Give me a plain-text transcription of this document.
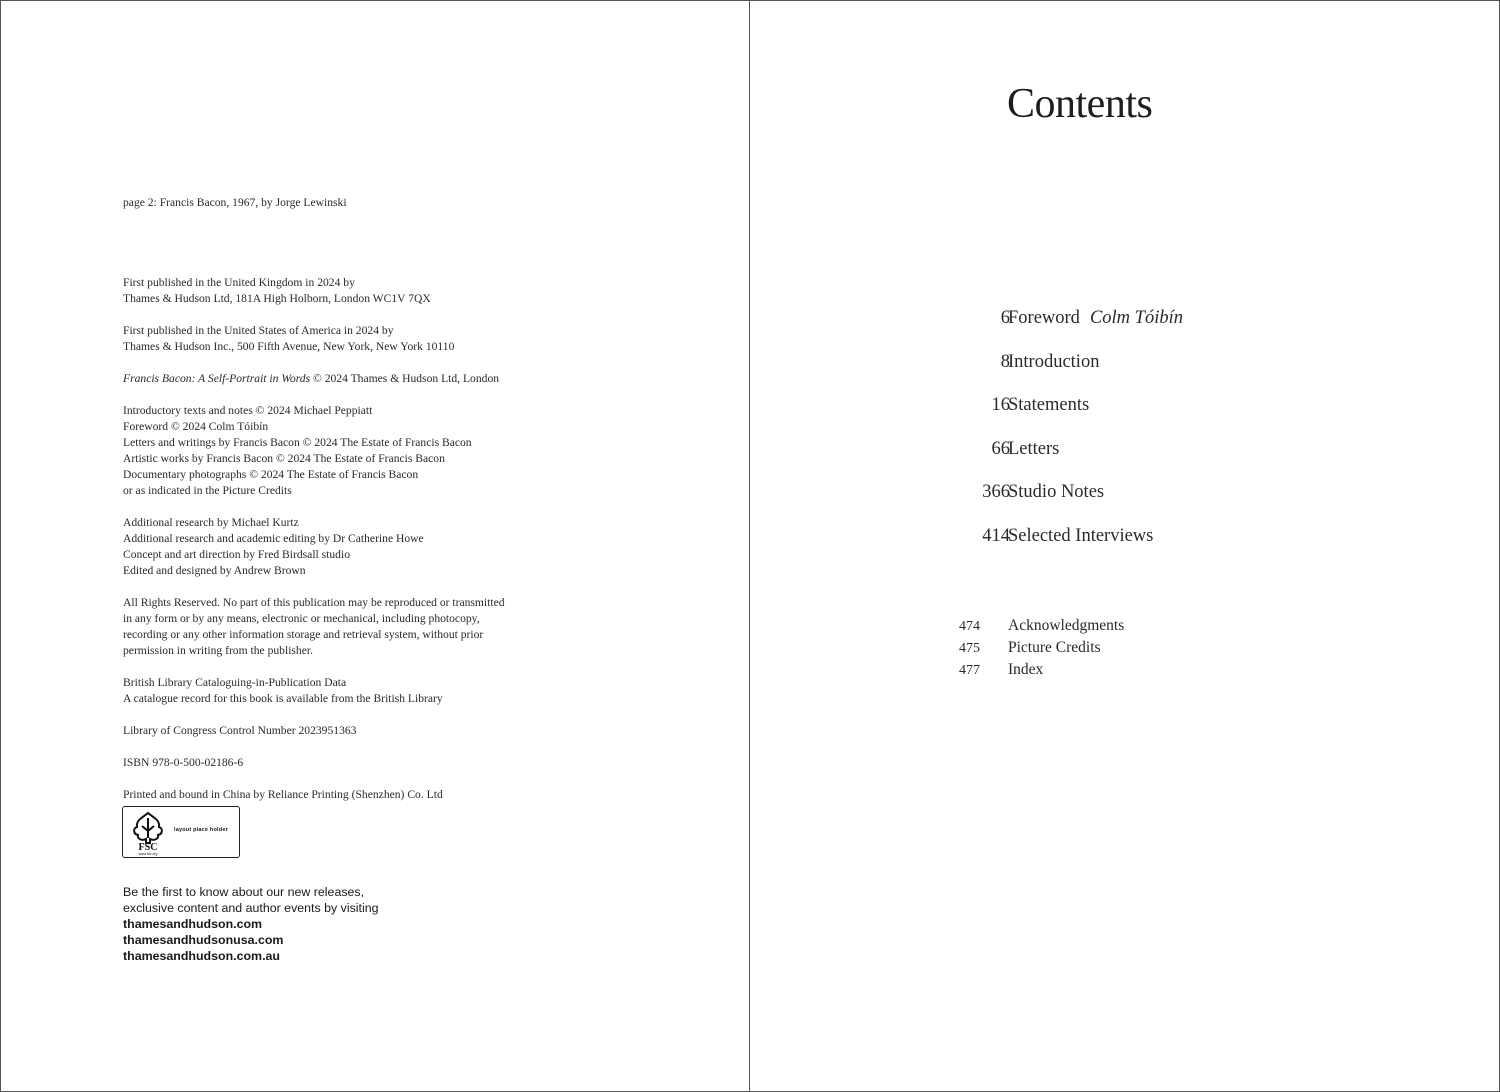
page 2: Francis Bacon, 1967, by Jorge Lewinski

First published in the United Kingdom in 2024 by
Thames & Hudson Ltd, 181A High Holborn, London WC1V 7QX

First published in the United States of America in 2024 by
Thames & Hudson Inc., 500 Fifth Avenue, New York, New York 10110

Francis Bacon: A Self-Portrait in Words © 2024 Thames & Hudson Ltd, London

Introductory texts and notes © 2024 Michael Peppiatt
Foreword © 2024 Colm Tóibín
Letters and writings by Francis Bacon © 2024 The Estate of Francis Bacon
Artistic works by Francis Bacon © 2024 The Estate of Francis Bacon
Documentary photographs © 2024 The Estate of Francis Bacon
or as indicated in the Picture Credits

Additional research by Michael Kurtz
Additional research and academic editing by Dr Catherine Howe
Concept and art direction by Fred Birdsall studio
Edited and designed by Andrew Brown

All Rights Reserved. No part of this publication may be reproduced or transmitted
in any form or by any means, electronic or mechanical, including photocopy,
recording or any other information storage and retrieval system, without prior
permission in writing from the publisher.

British Library Cataloguing-in-Publication Data
A catalogue record for this book is available from the British Library

Library of Congress Control Number 2023951363

ISBN 978-0-500-02186-6

Printed and bound in China by Reliance Printing (Shenzhen) Co. Ltd

FSC
www.fsc.org
layout place holder
Be the first to know about our new releases,
exclusive content and author events by visiting
thamesandhudson.com
thamesandhudsonusa.com
thamesandhudson.com.au
Contents
6
Foreword Colm Tóibín
8
Introduction
16
Statements
66
Letters
366
Studio Notes
414
Selected Interviews
474 Acknowledgments
475 Picture Credits
477 Index
